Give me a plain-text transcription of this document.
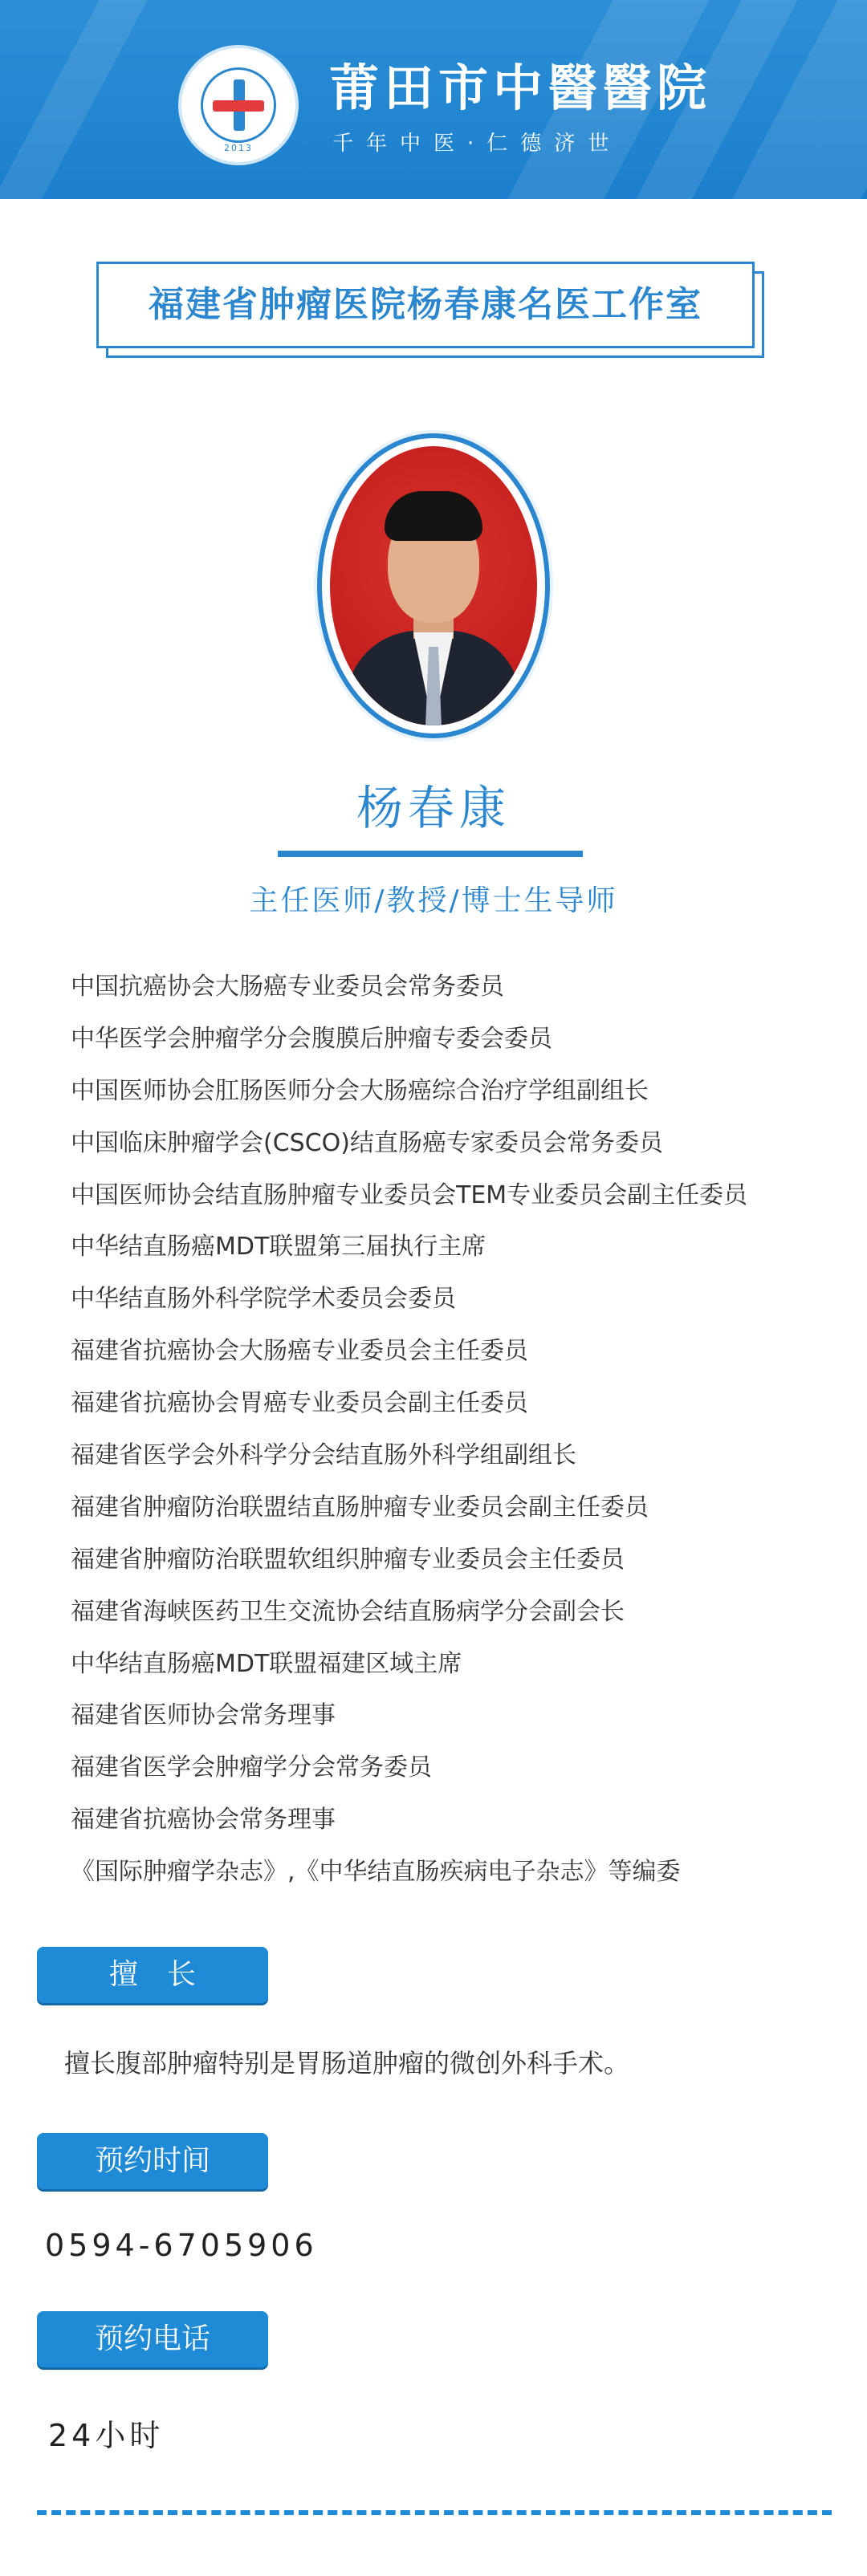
2013
莆田市中醫醫院
千年中医·仁德济世
福建省肿瘤医院杨春康名医工作室
杨春康
主任医师/教授/博士生导师
中国抗癌协会大肠癌专业委员会常务委员
中华医学会肿瘤学分会腹膜后肿瘤专委会委员
中国医师协会肛肠医师分会大肠癌综合治疗学组副组长
中国临床肿瘤学会(CSCO)结直肠癌专家委员会常务委员
中国医师协会结直肠肿瘤专业委员会TEM专业委员会副主任委员
中华结直肠癌MDT联盟第三届执行主席
中华结直肠外科学院学术委员会委员
福建省抗癌协会大肠癌专业委员会主任委员
福建省抗癌协会胃癌专业委员会副主任委员
福建省医学会外科学分会结直肠外科学组副组长
福建省肿瘤防治联盟结直肠肿瘤专业委员会副主任委员
福建省肿瘤防治联盟软组织肿瘤专业委员会主任委员
福建省海峡医药卫生交流协会结直肠病学分会副会长
中华结直肠癌MDT联盟福建区域主席
福建省医师协会常务理事
福建省医学会肿瘤学分会常务委员
福建省抗癌协会常务理事
《国际肿瘤学杂志》,《中华结直肠疾病电子杂志》等编委
擅　长
擅长腹部肿瘤特别是胃肠道肿瘤的微创外科手术。
预约时间
0594-6705906
预约电话
24小时
